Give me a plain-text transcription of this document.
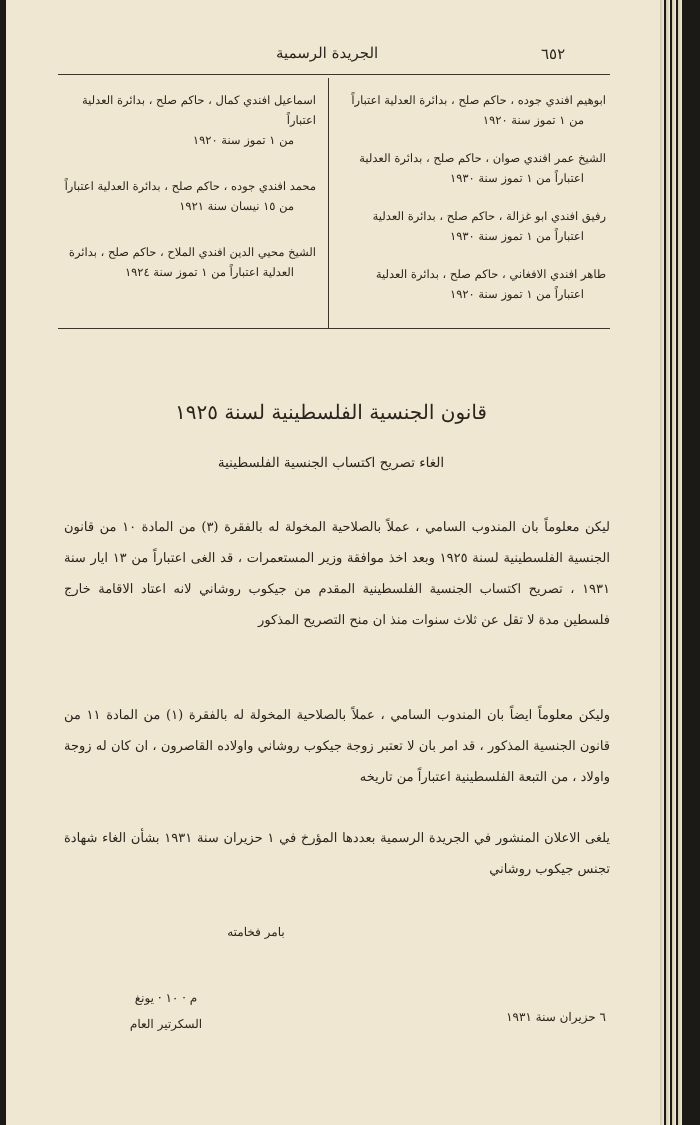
الجريدة الرسمية	٦٥٢
ابوهيم افندي جوده ، حاكم صلح ، بدائرة العدلية اعتباراً
من ١ تموز سنة ١٩٢٠
الشيخ عمر افندي صوان ، حاكم صلح ، بدائرة العدلية
اعتباراً من ١ تموز سنة ١٩٣٠
رفيق افندي ابو غزالة ، حاكم صلح ، بدائرة العدلية
اعتباراً من ١ تموز سنة ١٩٣٠
طاهر افندي الافغاني ، حاكم صلح ، بدائرة العدلية
اعتباراً من ١ تموز سنة ١٩٢٠
اسماعيل افندي كمال ، حاكم صلح ، بدائرة العدلية اعتباراً
من ١ تموز سنة ١٩٢٠
محمد افندي جوده ، حاكم صلح ، بدائرة العدلية اعتباراً
من ١٥ نيسان سنة ١٩٢١
الشيخ محيي الدين افندي الملاح ، حاكم صلح ، بدائرة
العدلية اعتباراً من ١ تموز سنة ١٩٢٤
قانون الجنسية الفلسطينية لسنة ١٩٢٥
الغاء تصريح اكتساب الجنسية الفلسطينية
ليكن معلوماً بان المندوب السامي ، عملاً بالصلاحية المخولة له بالفقرة (٣) من المادة ١٠ من قانون الجنسية الفلسطينية لسنة ١٩٢٥ وبعد اخذ موافقة وزير المستعمرات ، قد الغى اعتباراً من ١٣ ايار سنة ١٩٣١ ، تصريح اكتساب الجنسية الفلسطينية المقدم من جيكوب روشاني لانه اعتاد الاقامة خارج فلسطين مدة لا تقل عن ثلاث سنوات منذ ان منح التصريح المذكور
وليكن معلوماً ايضاً بان المندوب السامي ، عملاً بالصلاحية المخولة له بالفقرة (١) من المادة ١١ من قانون الجنسية المذكور ، قد امر بان لا تعتبر زوجة جيكوب روشاني واولاده القاصرون ، ان كان له زوجة واولاد ، من التبعة الفلسطينية اعتباراً من تاريخه
يلغى الاعلان المنشور في الجريدة الرسمية بعددها المؤرخ في ١ حزيران سنة ١٩٣١ بشأن الغاء شهادة تجنس جيكوب روشاني
بامر فخامته
م · ١٠ · يونغ
السكرتير العام	٦ حزيران سنة ١٩٣١
